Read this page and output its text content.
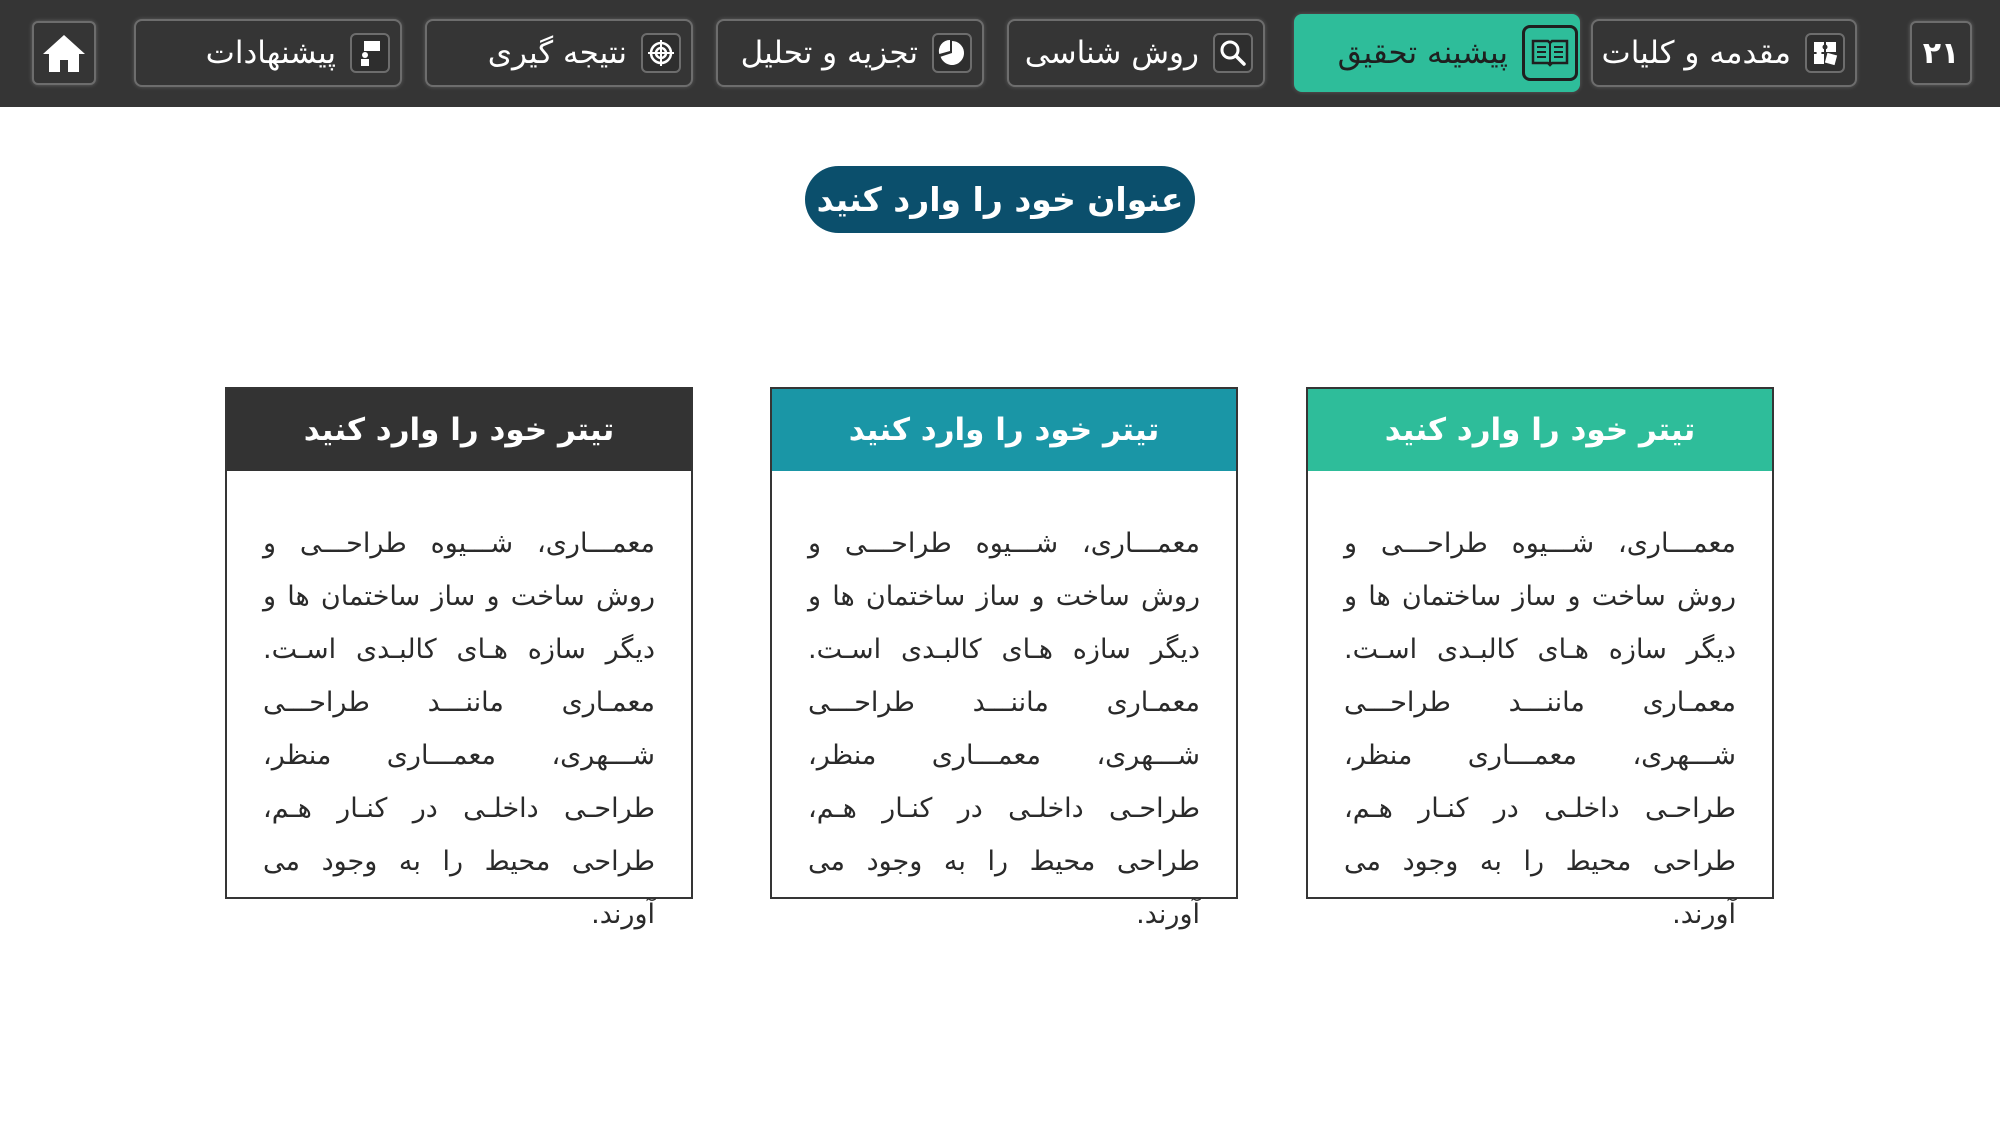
پیشنهادات	نتیجه گیری	تجزیه و تحلیل	روش شناسی	پیشینه تحقیق	مقدمه و کلیات	۲۱
عنوان خود را وارد کنید
تیتر خود را وارد کنید
معمـــاری، شـــیوه طراحـــی و روش ساخت و ساز ساختمان ها و دیگر سازه هـای کالبـدی اسـت. معمـاری ماننـــد طراحـــی شـــهری، معمـــاری منظر، طراحـی داخلـی در کنـار هـم، طراحی محیط را به وجود می آورند.
تیتر خود را وارد کنید
معمـــاری، شـــیوه طراحـــی و روش ساخت و ساز ساختمان ها و دیگر سازه هـای کالبـدی اسـت. معمـاری ماننـــد طراحـــی شـــهری، معمـــاری منظر، طراحـی داخلـی در کنـار هـم، طراحی محیط را به وجود می آورند.
تیتر خود را وارد کنید
معمـــاری، شـــیوه طراحـــی و روش ساخت و ساز ساختمان ها و دیگر سازه هـای کالبـدی اسـت. معمـاری ماننـــد طراحـــی شـــهری، معمـــاری منظر، طراحـی داخلـی در کنـار هـم، طراحی محیط را به وجود می آورند.
